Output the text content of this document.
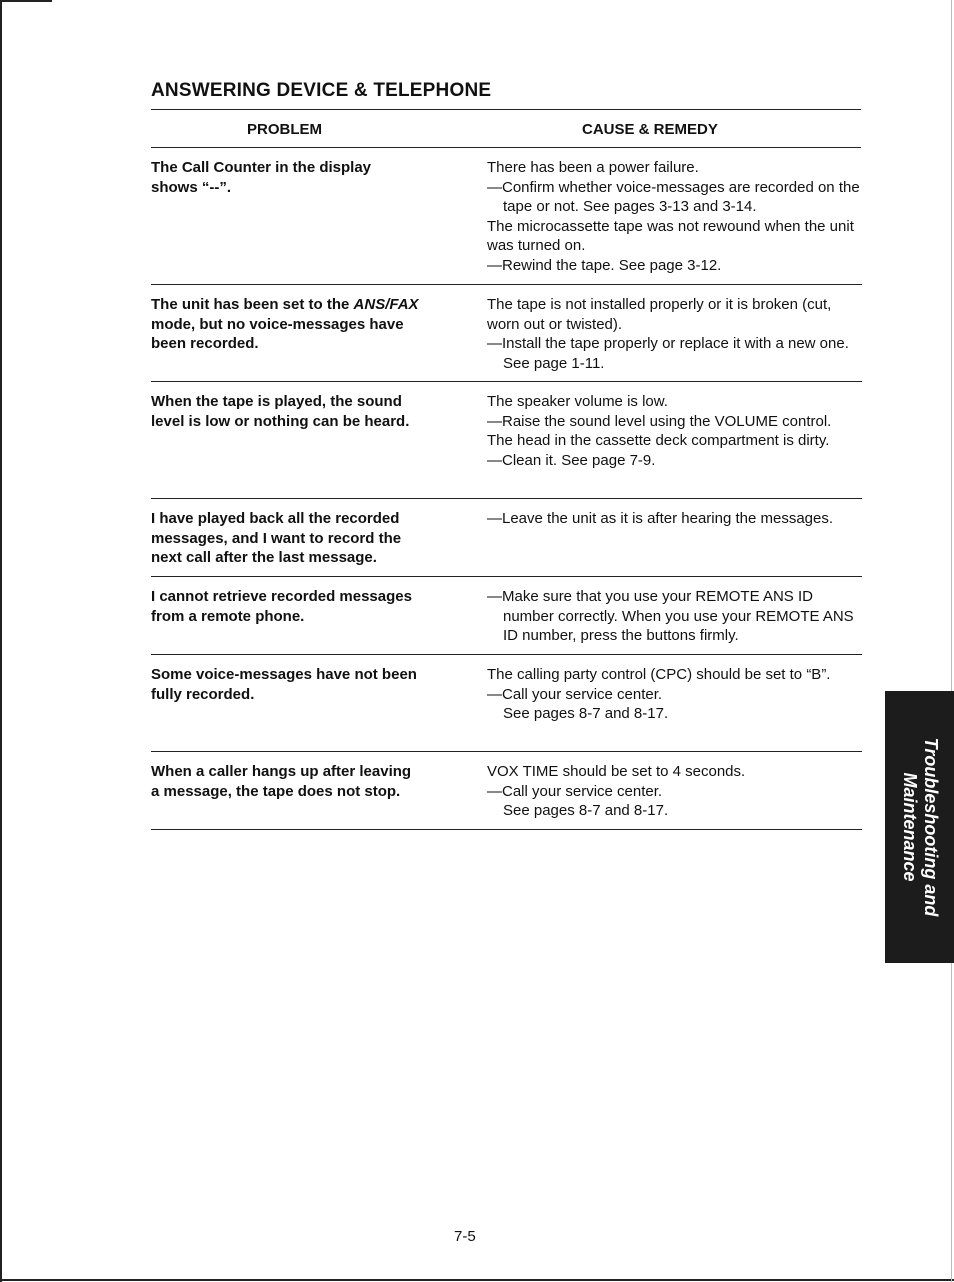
ANSWERING DEVICE & TELEPHONE
PROBLEM	CAUSE & REMEDY
The Call Counter in the display
shows “--”.
There has been a power failure.
—Confirm whether voice-messages are recorded on the tape or not. See pages 3-13 and 3-14.
The microcassette tape was not rewound when the unit was turned on.
—Rewind the tape. See page 3-12.
The unit has been set to the ANS/FAX
mode, but no voice-messages have
been recorded.
The tape is not installed properly or it is broken (cut, worn out or twisted).
—Install the tape properly or replace it with a new one. See page 1-11.
When the tape is played, the sound
level is low or nothing can be heard.
The speaker volume is low.
—Raise the sound level using the VOLUME control.
The head in the cassette deck compartment is dirty.
—Clean it. See page 7-9.
I have played back all the recorded
messages, and I want to record the
next call after the last message.
—Leave the unit as it is after hearing the messages.
I cannot retrieve recorded messages
from a remote phone.
—Make sure that you use your REMOTE ANS ID number correctly. When you use your REMOTE ANS ID number, press the buttons firmly.
Some voice-messages have not been
fully recorded.
The calling party control (CPC) should be set to “B”.
—Call your service center.
See pages 8-7 and 8-17.
When a caller hangs up after leaving
a message, the tape does not stop.
VOX TIME should be set to 4 seconds.
—Call your service center.
See pages 8-7 and 8-17.	Troubleshooting and
Maintenance
7-5
